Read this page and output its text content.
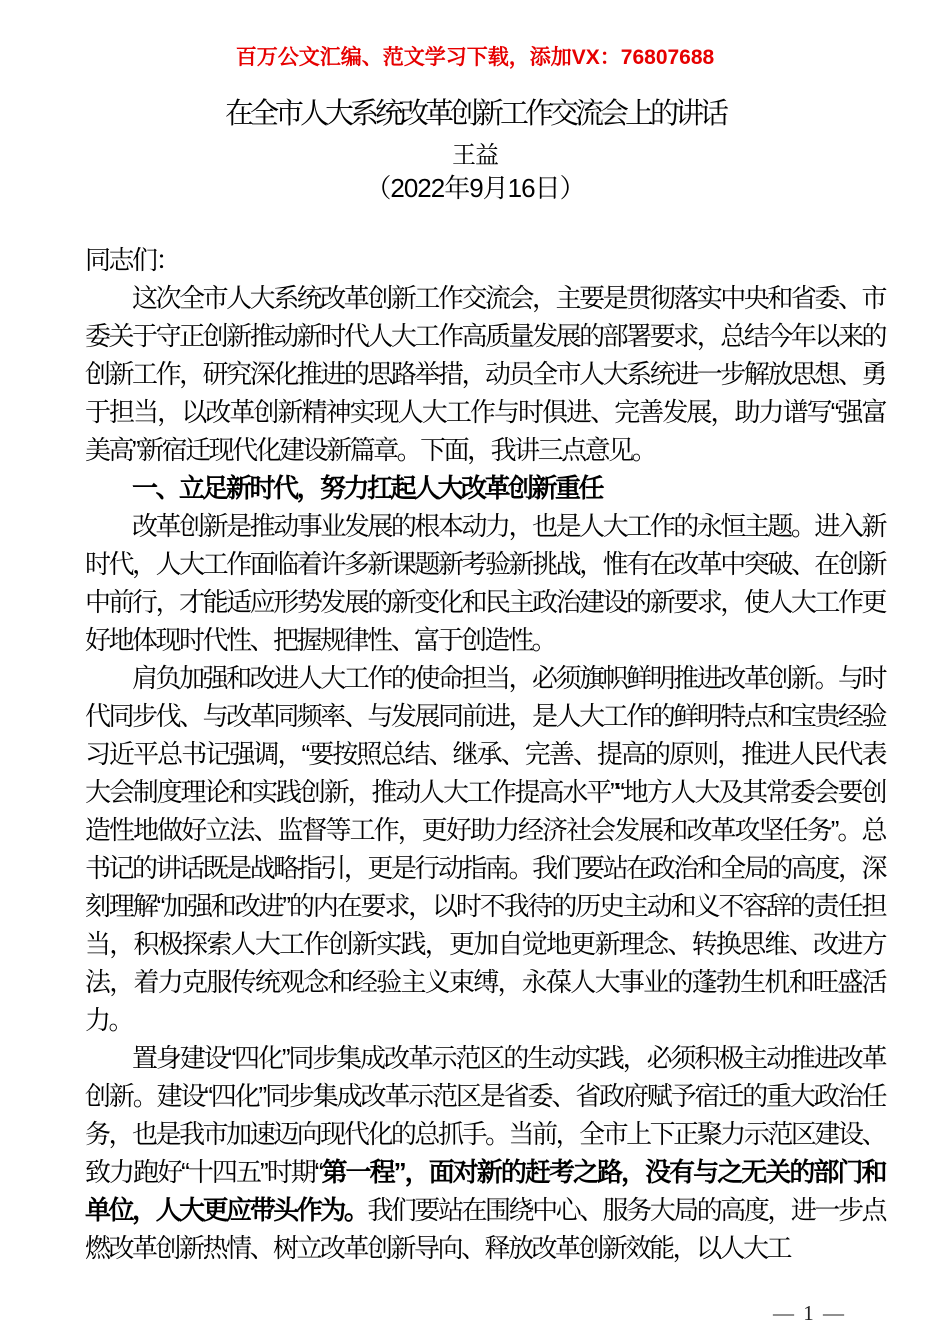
百万公文汇编、范文学习下载，添加VX：76807688
在全市人大系统改革创新工作交流会上的讲话
王益
（2022年9月16日）

同志们：

这次全市人大系统改革创新工作交流会，主要是贯彻落实中央和省委、市委关于守正创新推动新时代人大工作高质量发展的部署要求，总结今年以来的创新工作，研究深化推进的思路举措，动员全市人大系统进一步解放思想、勇于担当，以改革创新精神实现人大工作与时俱进、完善发展，助力谱写“强富美高”新宿迁现代化建设新篇章。下面，我讲三点意见。

一、立足新时代，努力扛起人大改革创新重任

改革创新是推动事业发展的根本动力，也是人大工作的永恒主题。进入新时代，人大工作面临着许多新课题新考验新挑战，惟有在改革中突破、在创新中前行，才能适应形势发展的新变化和民主政治建设的新要求，使人大工作更好地体现时代性、把握规律性、富于创造性。

肩负加强和改进人大工作的使命担当，必须旗帜鲜明推进改革创新。与时代同步伐、与改革同频率、与发展同前进，是人大工作的鲜明特点和宝贵经验习近平总书记强调，“要按照总结、继承、完善、提高的原则，推进人民代表大会制度理论和实践创新，推动人大工作提高水平”“地方人大及其常委会要创造性地做好立法、监督等工作，更好助力经济社会发展和改革攻坚任务”。总书记的讲话既是战略指引，更是行动指南。我们要站在政治和全局的高度，深刻理解“加强和改进”的内在要求，以时不我待的历史主动和义不容辞的责任担当，积极探索人大工作创新实践，更加自觉地更新理念、转换思维、改进方法，着力克服传统观念和经验主义束缚，永葆人大事业的蓬勃生机和旺盛活力。

置身建设“四化”同步集成改革示范区的生动实践，必须积极主动推进改革创新。建设“四化”同步集成改革示范区是省委、省政府赋予宿迁的重大政治任务，也是我市加速迈向现代化的总抓手。当前，全市上下正聚力示范区建设、致力跑好“十四五”时期“第一程”，面对新的赶考之路，没有与之无关的部门和单位，人大更应带头作为。我们要站在围绕中心、服务大局的高度，进一步点燃改革创新热情、树立改革创新导向、释放改革创新效能，以人大工

— 1 —
